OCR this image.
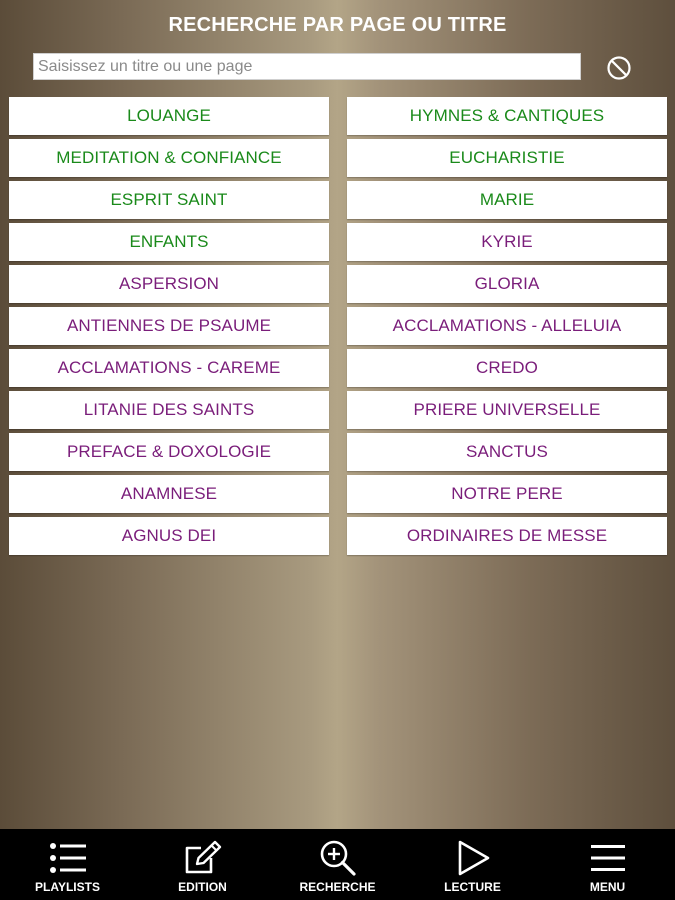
RECHERCHE PAR PAGE OU TITRE
Saisissez un titre ou une page
LOUANGE	HYMNES & CANTIQUES
MEDITATION & CONFIANCE	EUCHARISTIE
ESPRIT SAINT	MARIE
ENFANTS	KYRIE
ASPERSION	GLORIA
ANTIENNES DE PSAUME	ACCLAMATIONS - ALLELUIA
ACCLAMATIONS - CAREME	CREDO
LITANIE DES SAINTS	PRIERE UNIVERSELLE
PREFACE & DOXOLOGIE	SANCTUS
ANAMNESE	NOTRE PERE
AGNUS DEI	ORDINAIRES DE MESSE
PLAYLISTS	EDITION	RECHERCHE	LECTURE	MENU
